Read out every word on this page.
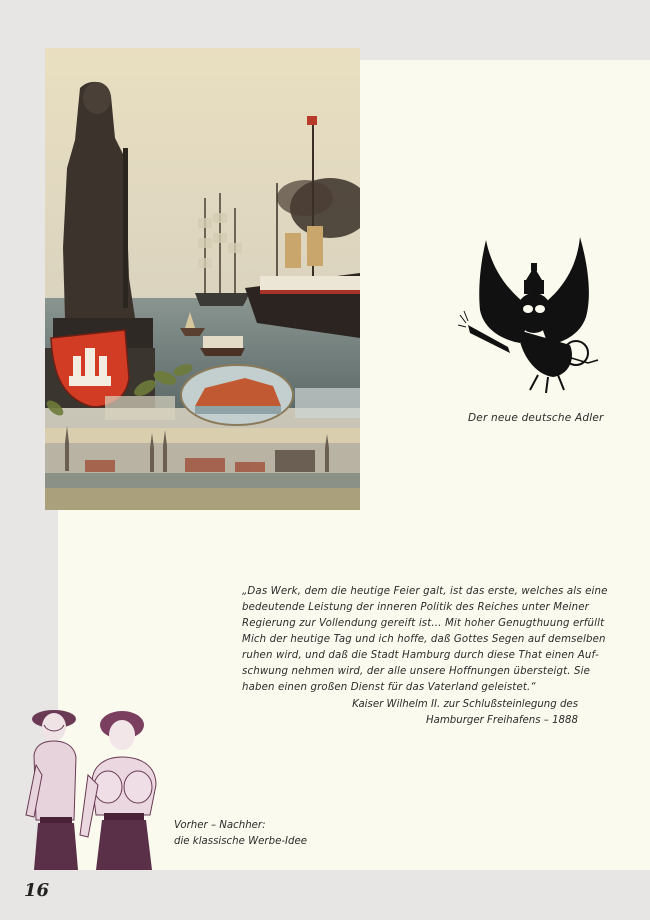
Der neue deutsche Adler
„Das Werk, dem die heutige Feier galt, ist das erste, welches als eine
bedeutende Leistung der inneren Politik des Reiches unter Meiner
Regierung zur Vollendung gereift ist... Mit hoher Genugthuung erfüllt
Mich der heutige Tag und ich hoffe, daß Gottes Segen auf demselben
ruhen wird, und daß die Stadt Hamburg durch diese That einen Auf-
schwung nehmen wird, der alle unsere Hoffnungen übersteigt. Sie
haben einen großen Dienst für das Vaterland geleistet.“
Kaiser Wilhelm II. zur Schlußsteinlegung des
Hamburger Freihafens – 1888
Vorher – Nachher:
die klassische Werbe-Idee
16
